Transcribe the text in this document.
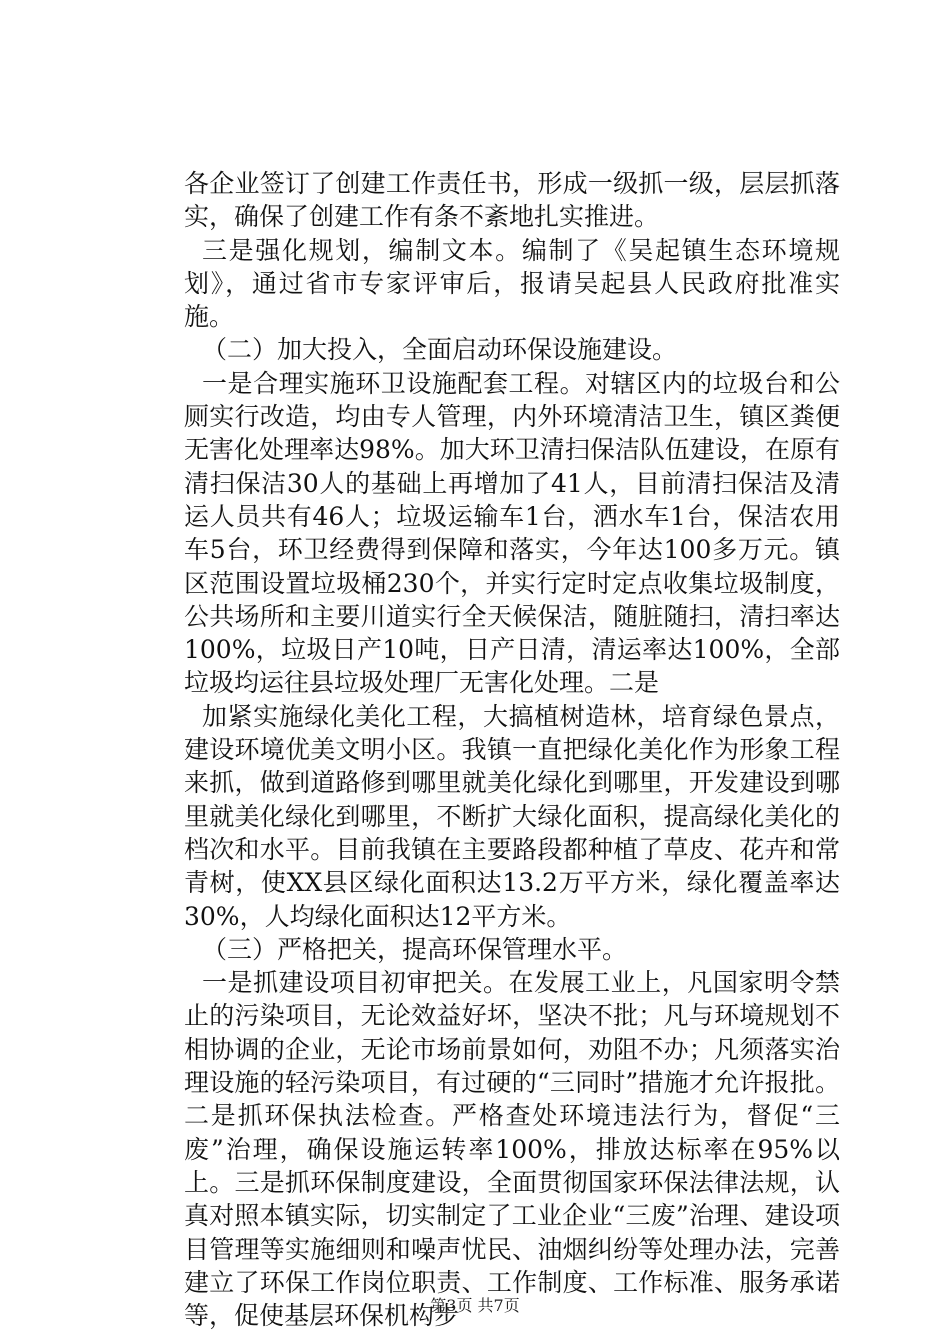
各企业签订了创建工作责任书，形成一级抓一级，层层抓落实，确保了创建工作有条不紊地扎实推进。

三是强化规划，编制文本。编制了《吴起镇生态环境规划》，通过省市专家评审后，报请吴起县人民政府批准实施。

（二）加大投入，全面启动环保设施建设。

一是合理实施环卫设施配套工程。对辖区内的垃圾台和公厕实行改造，均由专人管理，内外环境清洁卫生，镇区粪便无害化处理率达98%。加大环卫清扫保洁队伍建设，在原有清扫保洁30人的基础上再增加了41人，目前清扫保洁及清运人员共有46人；垃圾运输车1台，洒水车1台，保洁农用车5台，环卫经费得到保障和落实，今年达100多万元。镇区范围设置垃圾桶230个，并实行定时定点收集垃圾制度，公共场所和主要川道实行全天候保洁，随脏随扫，清扫率达100%，垃圾日产10吨，日产日清，清运率达100%，全部垃圾均运往县垃圾处理厂无害化处理。二是

加紧实施绿化美化工程，大搞植树造林，培育绿色景点，建设环境优美文明小区。我镇一直把绿化美化作为形象工程来抓，做到道路修到哪里就美化绿化到哪里，开发建设到哪里就美化绿化到哪里，不断扩大绿化面积，提高绿化美化的档次和水平。目前我镇在主要路段都种植了草皮、花卉和常青树，使XX县区绿化面积达13.2万平方米，绿化覆盖率达30%，人均绿化面积达12平方米。

（三）严格把关，提高环保管理水平。

一是抓建设项目初审把关。在发展工业上，凡国家明令禁止的污染项目，无论效益好坏，坚决不批；凡与环境规划不相协调的企业，无论市场前景如何，劝阻不办；凡须落实治理设施的轻污染项目，有过硬的“三同时”措施才允许报批。二是抓环保执法检查。严格查处环境违法行为，督促“三废”治理，确保设施运转率100%，排放达标率在95%以上。三是抓环保制度建设，全面贯彻国家环保法律法规，认真对照本镇实际，切实制定了工业企业“三废”治理、建设项目管理等实施细则和噪声忧民、油烟纠纷等处理办法，完善建立了环保工作岗位职责、工作制度、工作标准、服务承诺等，促使基层环保机构步

第3页 共7页
